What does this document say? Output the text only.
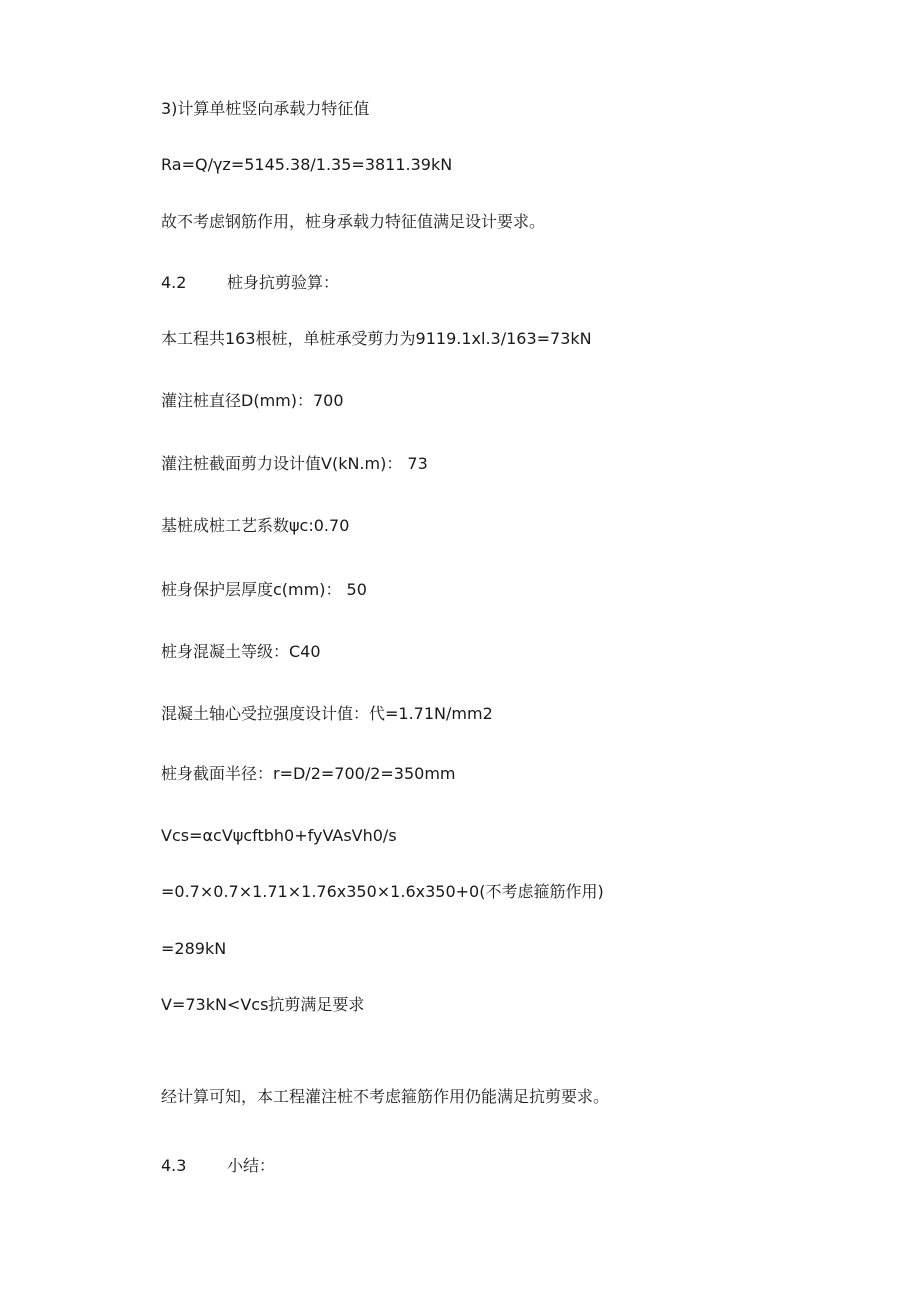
3)计算单桩竖向承载力特征值
Ra=Q∕γz=5145.38∕1.35=3811.39kN
故不考虑钢筋作用，桩身承载力特征值满足设计要求。
4.2	桩身抗剪验算：
本工程共163根桩，单桩承受剪力为9119.1xl.3∕163=73kN
灌注桩直径D(mm)：700
灌注桩截面剪力设计值V(kN.m)： 73
基桩成桩工艺系数ψc:0.70
桩身保护层厚度c(mm)： 50
桩身混凝土等级：C40
混凝土轴心受拉强度设计值：代=1.71N∕mm2
桩身截面半径：r=D∕2=700∕2=350mm
Vcs=αcVψcftbh0+fyVAsVh0/s
=0.7×0.7×1.71×1.76x350×1.6x350+0(不考虑箍筋作用)
=289kN
V=73kN<Vcs抗剪满足要求
经计算可知，本工程灌注桩不考虑箍筋作用仍能满足抗剪要求。
4.3	小结：
